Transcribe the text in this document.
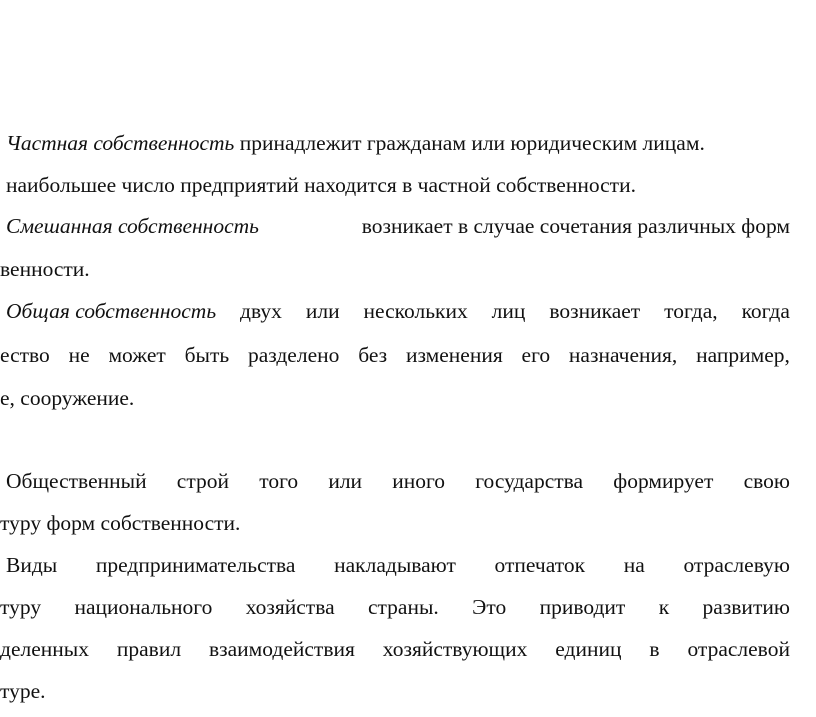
Частная собственность принадлежит гражданам или юридическим лицам.
наибольшее число предприятий находится в частной собственности.
Смешанная собственность	возникает в случае сочетания различных форм
венности.
Общая собственность двух или нескольких лиц возникает тогда, когда
ество не может быть разделено без изменения его назначения, например,
е, сооружение.
Общественный строй того или иного государства формирует свою
туру форм собственности.
Виды предпринимательства накладывают отпечаток на отраслевую
туру национального хозяйства страны. Это приводит к развитию
деленных правил взаимодействия хозяйствующих единиц в отраслевой
туре.
